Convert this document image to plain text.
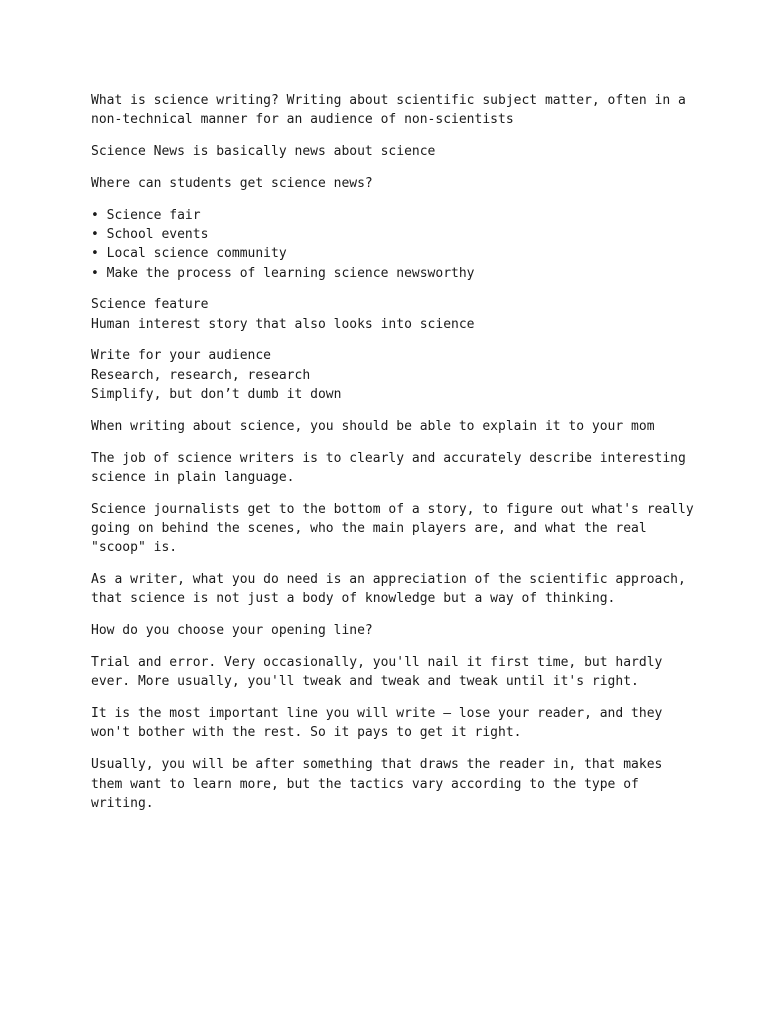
What is science writing? Writing about scientific subject matter, often in a
non-technical manner for an audience of non-scientists
Science News is basically news about science
Where can students get science news?
• Science fair
• School events
• Local science community
• Make the process of learning science newsworthy
Science feature
Human interest story that also looks into science
Write for your audience
Research, research, research
Simplify, but don’t dumb it down
When writing about science, you should be able to explain it to your mom
The job of science writers is to clearly and accurately describe interesting
science in plain language.
Science journalists get to the bottom of a story, to figure out what's really
going on behind the scenes, who the main players are, and what the real
"scoop" is.
As a writer, what you do need is an appreciation of the scientific approach,
that science is not just a body of knowledge but a way of thinking.
How do you choose your opening line?
Trial and error. Very occasionally, you'll nail it first time, but hardly
ever. More usually, you'll tweak and tweak and tweak until it's right.
It is the most important line you will write – lose your reader, and they
won't bother with the rest. So it pays to get it right.
Usually, you will be after something that draws the reader in, that makes
them want to learn more, but the tactics vary according to the type of
writing.
